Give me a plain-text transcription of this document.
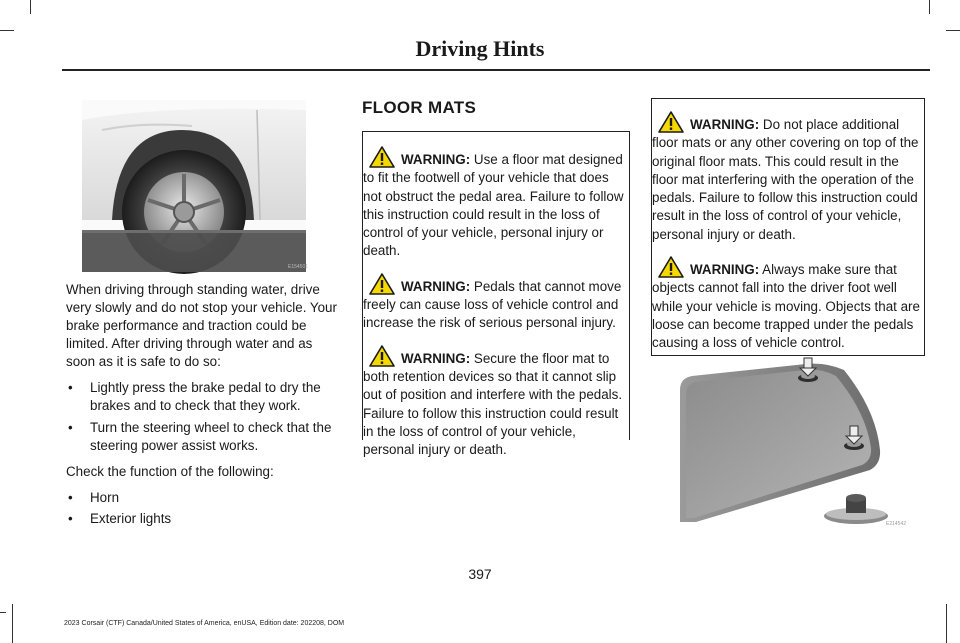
Driving Hints
E154501

When driving through standing water, drive very slowly and do not stop your vehicle. Your brake performance and traction could be limited. After driving through water and as soon as it is safe to do so:

• Lightly press the brake pedal to dry the brakes and to check that they work.
• Turn the steering wheel to check that the steering power assist works.

Check the function of the following:

• Horn
• Exterior lights
FLOOR MATS
WARNING: Use a floor mat designed to fit the footwell of your vehicle that does not obstruct the pedal area. Failure to follow this instruction could result in the loss of control of your vehicle, personal injury or death.
WARNING: Pedals that cannot move freely can cause loss of vehicle control and increase the risk of serious personal injury.
WARNING: Secure the floor mat to both retention devices so that it cannot slip out of position and interfere with the pedals. Failure to follow this instruction could result in the loss of control of your vehicle, personal injury or death.
WARNING: Do not place additional floor mats or any other covering on top of the original floor mats. This could result in the floor mat interfering with the operation of the pedals. Failure to follow this instruction could result in the loss of control of your vehicle, personal injury or death.
WARNING: Always make sure that objects cannot fall into the driver foot well while your vehicle is moving. Objects that are loose can become trapped under the pedals causing a loss of vehicle control.
E214542
397
2023 Corsair (CTF) Canada/United States of America, enUSA, Edition date: 202208, DOM
